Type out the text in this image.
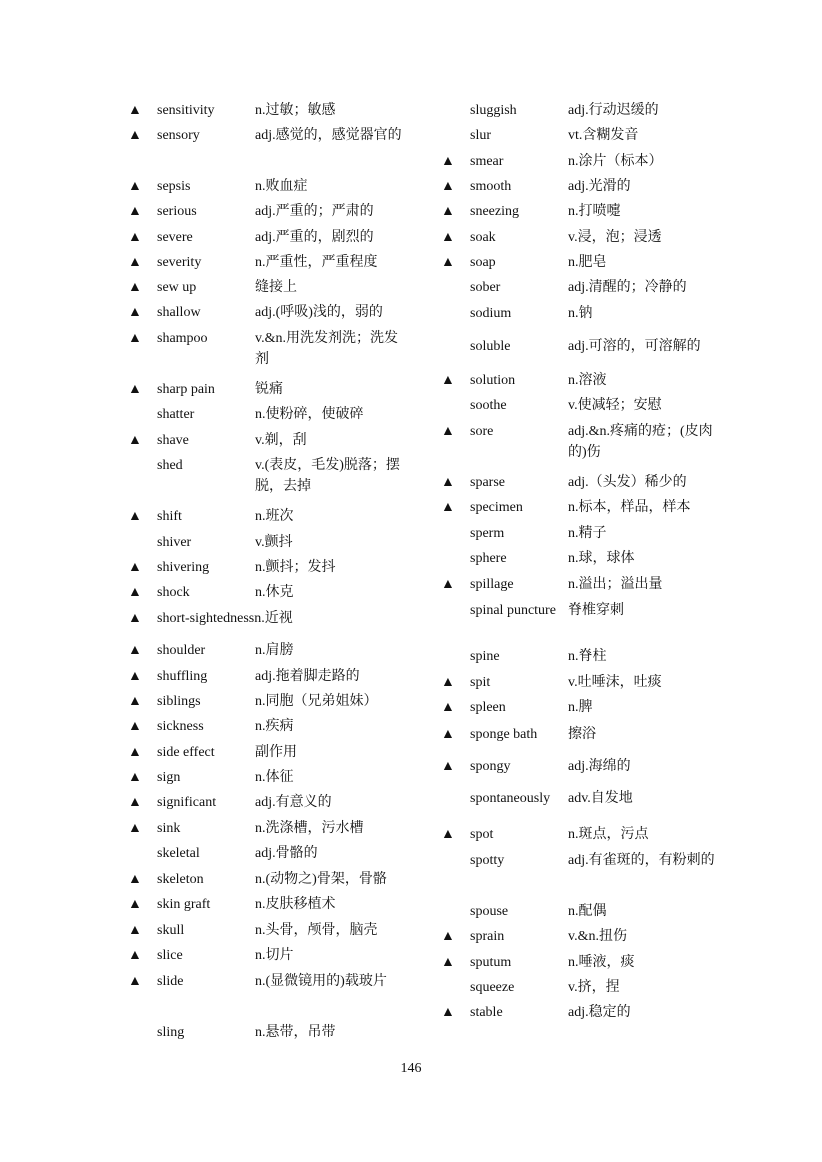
▲	sensitivity	n.过敏；敏感
▲	sensory	adj.感觉的，感觉器官的
▲	sepsis	n.败血症
▲	serious	adj.严重的；严肃的
▲	severe	adj.严重的，剧烈的
▲	severity	n.严重性，严重程度
▲	sew up	缝接上
▲	shallow	adj.(呼吸)浅的，弱的
▲	shampoo	v.&n.用洗发剂洗；洗发剂
▲	sharp pain	锐痛
shatter	n.使粉碎，使破碎
▲	shave	v.剃，刮
shed	v.(表皮，毛发)脱落；摆脱，去掉
▲	shift	n.班次
shiver	v.颤抖
▲	shivering	n.颤抖；发抖
▲	shock	n.休克
▲	short-sightedness n.近视
▲	shoulder	n.肩膀
▲	shuffling	adj.拖着脚走路的
▲	siblings	n.同胞（兄弟姐妹）
▲	sickness	n.疾病
▲	side effect	副作用
▲	sign	n.体征
▲	significant	adj.有意义的
▲	sink	n.洗涤槽，污水槽
skeletal	adj.骨骼的
▲	skeleton	n.(动物之)骨架，骨骼
▲	skin graft	n.皮肤移植术
▲	skull	n.头骨，颅骨，脑壳
▲	slice	n.切片
▲	slide	n.(显微镜用的)载玻片
sling	n.悬带，吊带
sluggish	adj.行动迟缓的
slur	vt.含糊发音
▲	smear	n.涂片（标本）
▲	smooth	adj.光滑的
▲	sneezing	n.打喷嚏
▲	soak	v.浸，泡；浸透
▲	soap	n.肥皂
sober	adj.清醒的；冷静的
sodium	n.钠
soluble	adj.可溶的，可溶解的
▲	solution	n.溶液
soothe	v.使减轻；安慰
▲	sore	adj.&n.疼痛的疮；(皮肉的)伤
▲	sparse	adj.（头发）稀少的
▲	specimen	n.标本，样品，样本
sperm	n.精子
sphere	n.球，球体
▲	spillage	n.溢出；溢出量
spinal puncture 脊椎穿刺
spine	n.脊柱
▲	spit	v.吐唾沫，吐痰
▲	spleen	n.脾
▲	sponge bath	擦浴
▲	spongy	adj.海绵的
spontaneously	adv.自发地
▲	spot	n.斑点，污点
spotty	adj.有雀斑的，有粉刺的
spouse	n.配偶
▲	sprain	v.&n.扭伤
▲	sputum	n.唾液，痰
squeeze	v.挤，捏
▲	stable	adj.稳定的
146
